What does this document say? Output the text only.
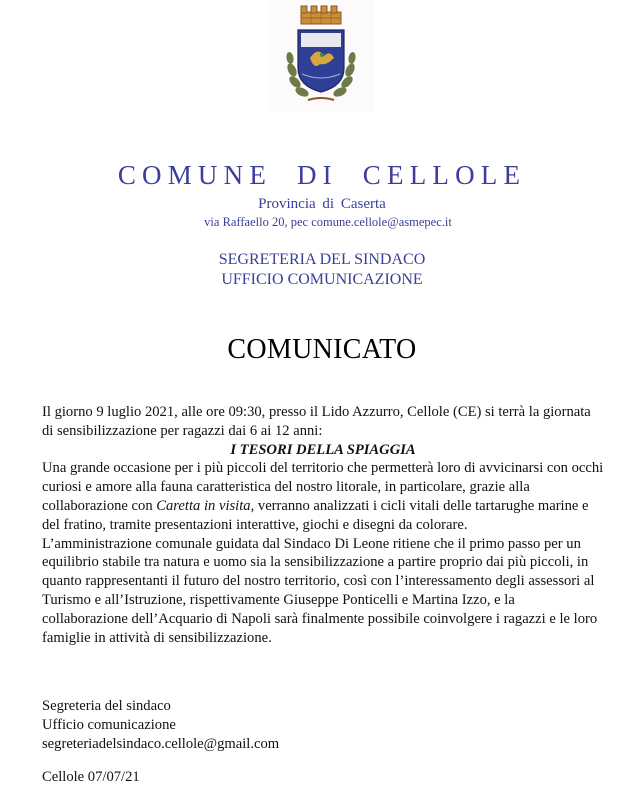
COMUNE DI CELLOLE
Provincia di Caserta
via Raffaello 20, pec comune.cellole@asmepec.it
SEGRETERIA DEL SINDACO
UFFICIO COMUNICAZIONE
COMUNICATO

Il giorno 9 luglio 2021, alle ore 09:30, presso il Lido Azzurro, Cellole (CE) si terrà la giornata di sensibilizzazione per ragazzi dai 6 ai 12 anni:

I TESORI DELLA SPIAGGIA

Una grande occasione per i più piccoli del territorio che permetterà loro di avvicinarsi con occhi curiosi e amore alla fauna caratteristica del nostro litorale, in particolare, grazie alla collaborazione con Caretta in visita, verranno analizzati i cicli vitali delle tartarughe marine e del fratino, tramite presentazioni interattive, giochi e disegni da colorare.

L’amministrazione comunale guidata dal Sindaco Di Leone ritiene che il primo passo per un equilibrio stabile tra natura e uomo sia la sensibilizzazione a partire proprio dai più piccoli, in quanto rappresentanti il futuro del nostro territorio, così con l’interessamento degli assessori al Turismo e all’Istruzione, rispettivamente Giuseppe Ponticelli e Martina Izzo, e la collaborazione dell’Acquario di Napoli sarà finalmente possibile coinvolgere i ragazzi e le loro famiglie in attività di sensibilizzazione.

Segreteria del sindaco
Ufficio comunicazione
segreteriadelsindaco.cellole@gmail.com
Cellole 07/07/21
